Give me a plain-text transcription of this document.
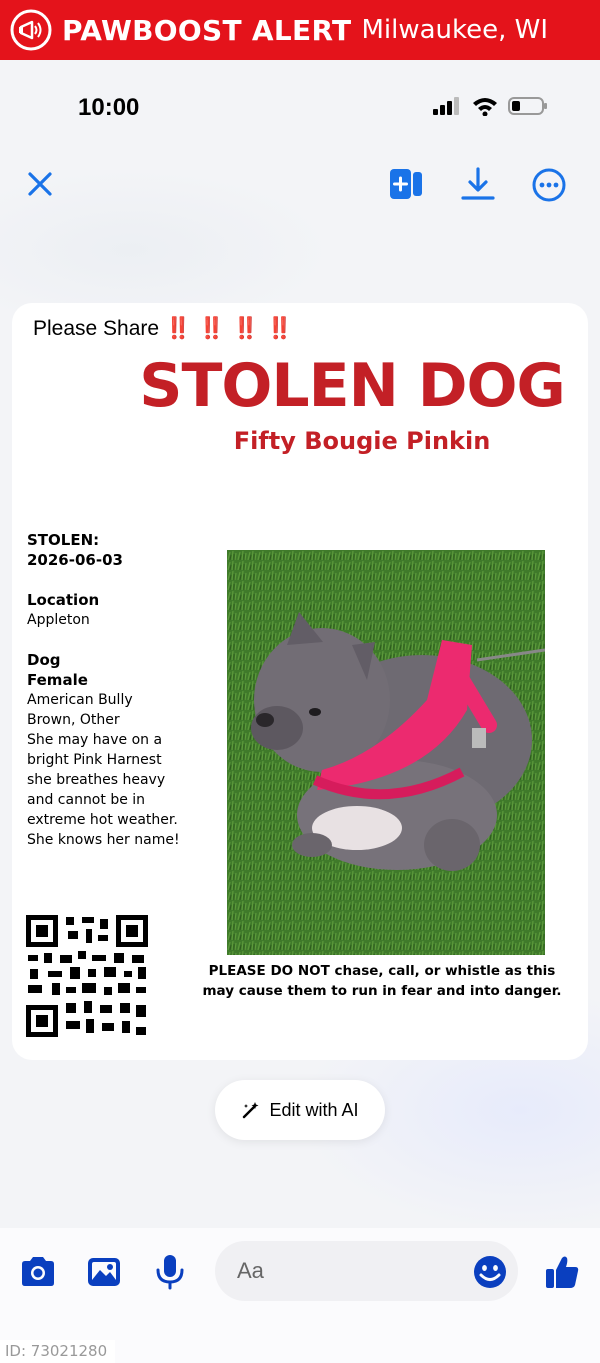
PAWBOOST ALERT Milwaukee, WI
10:00
Please Share ‼️ ‼️ ‼️ ‼️
STOLEN DOG
Fifty Bougie Pinkin
STOLEN:
2026-06-03
Location
Appleton
Dog
Female
American Bully
Brown, Other
She may have on a
bright Pink Harnest
she breathes heavy
and cannot be in
extreme hot weather.
She knows her name!
PLEASE DO NOT chase, call, or whistle as this
may cause them to run in fear and into danger.
Edit with AI
Aa
ID: 73021280
